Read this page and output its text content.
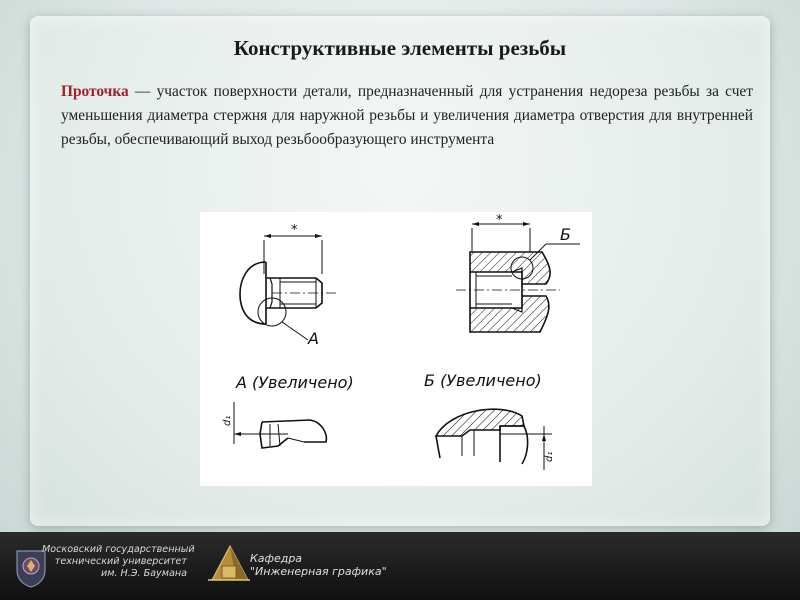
Конструктивные элементы резьбы

Проточка — участок поверхности детали, предназначенный для устранения недореза резьбы за счет уменьшения диаметра стержня для наружной резьбы и увеличения диаметра отверстия для внутренней резьбы, обеспечивающий выход резьбообразующего инструмента

*
А
*
Б
А (Увеличено)	Б (Увеличено)
d₁
d₁
Московский государственный
технический университет
им. Н.Э. Баумана
Кафедра
"Инженерная графика"
